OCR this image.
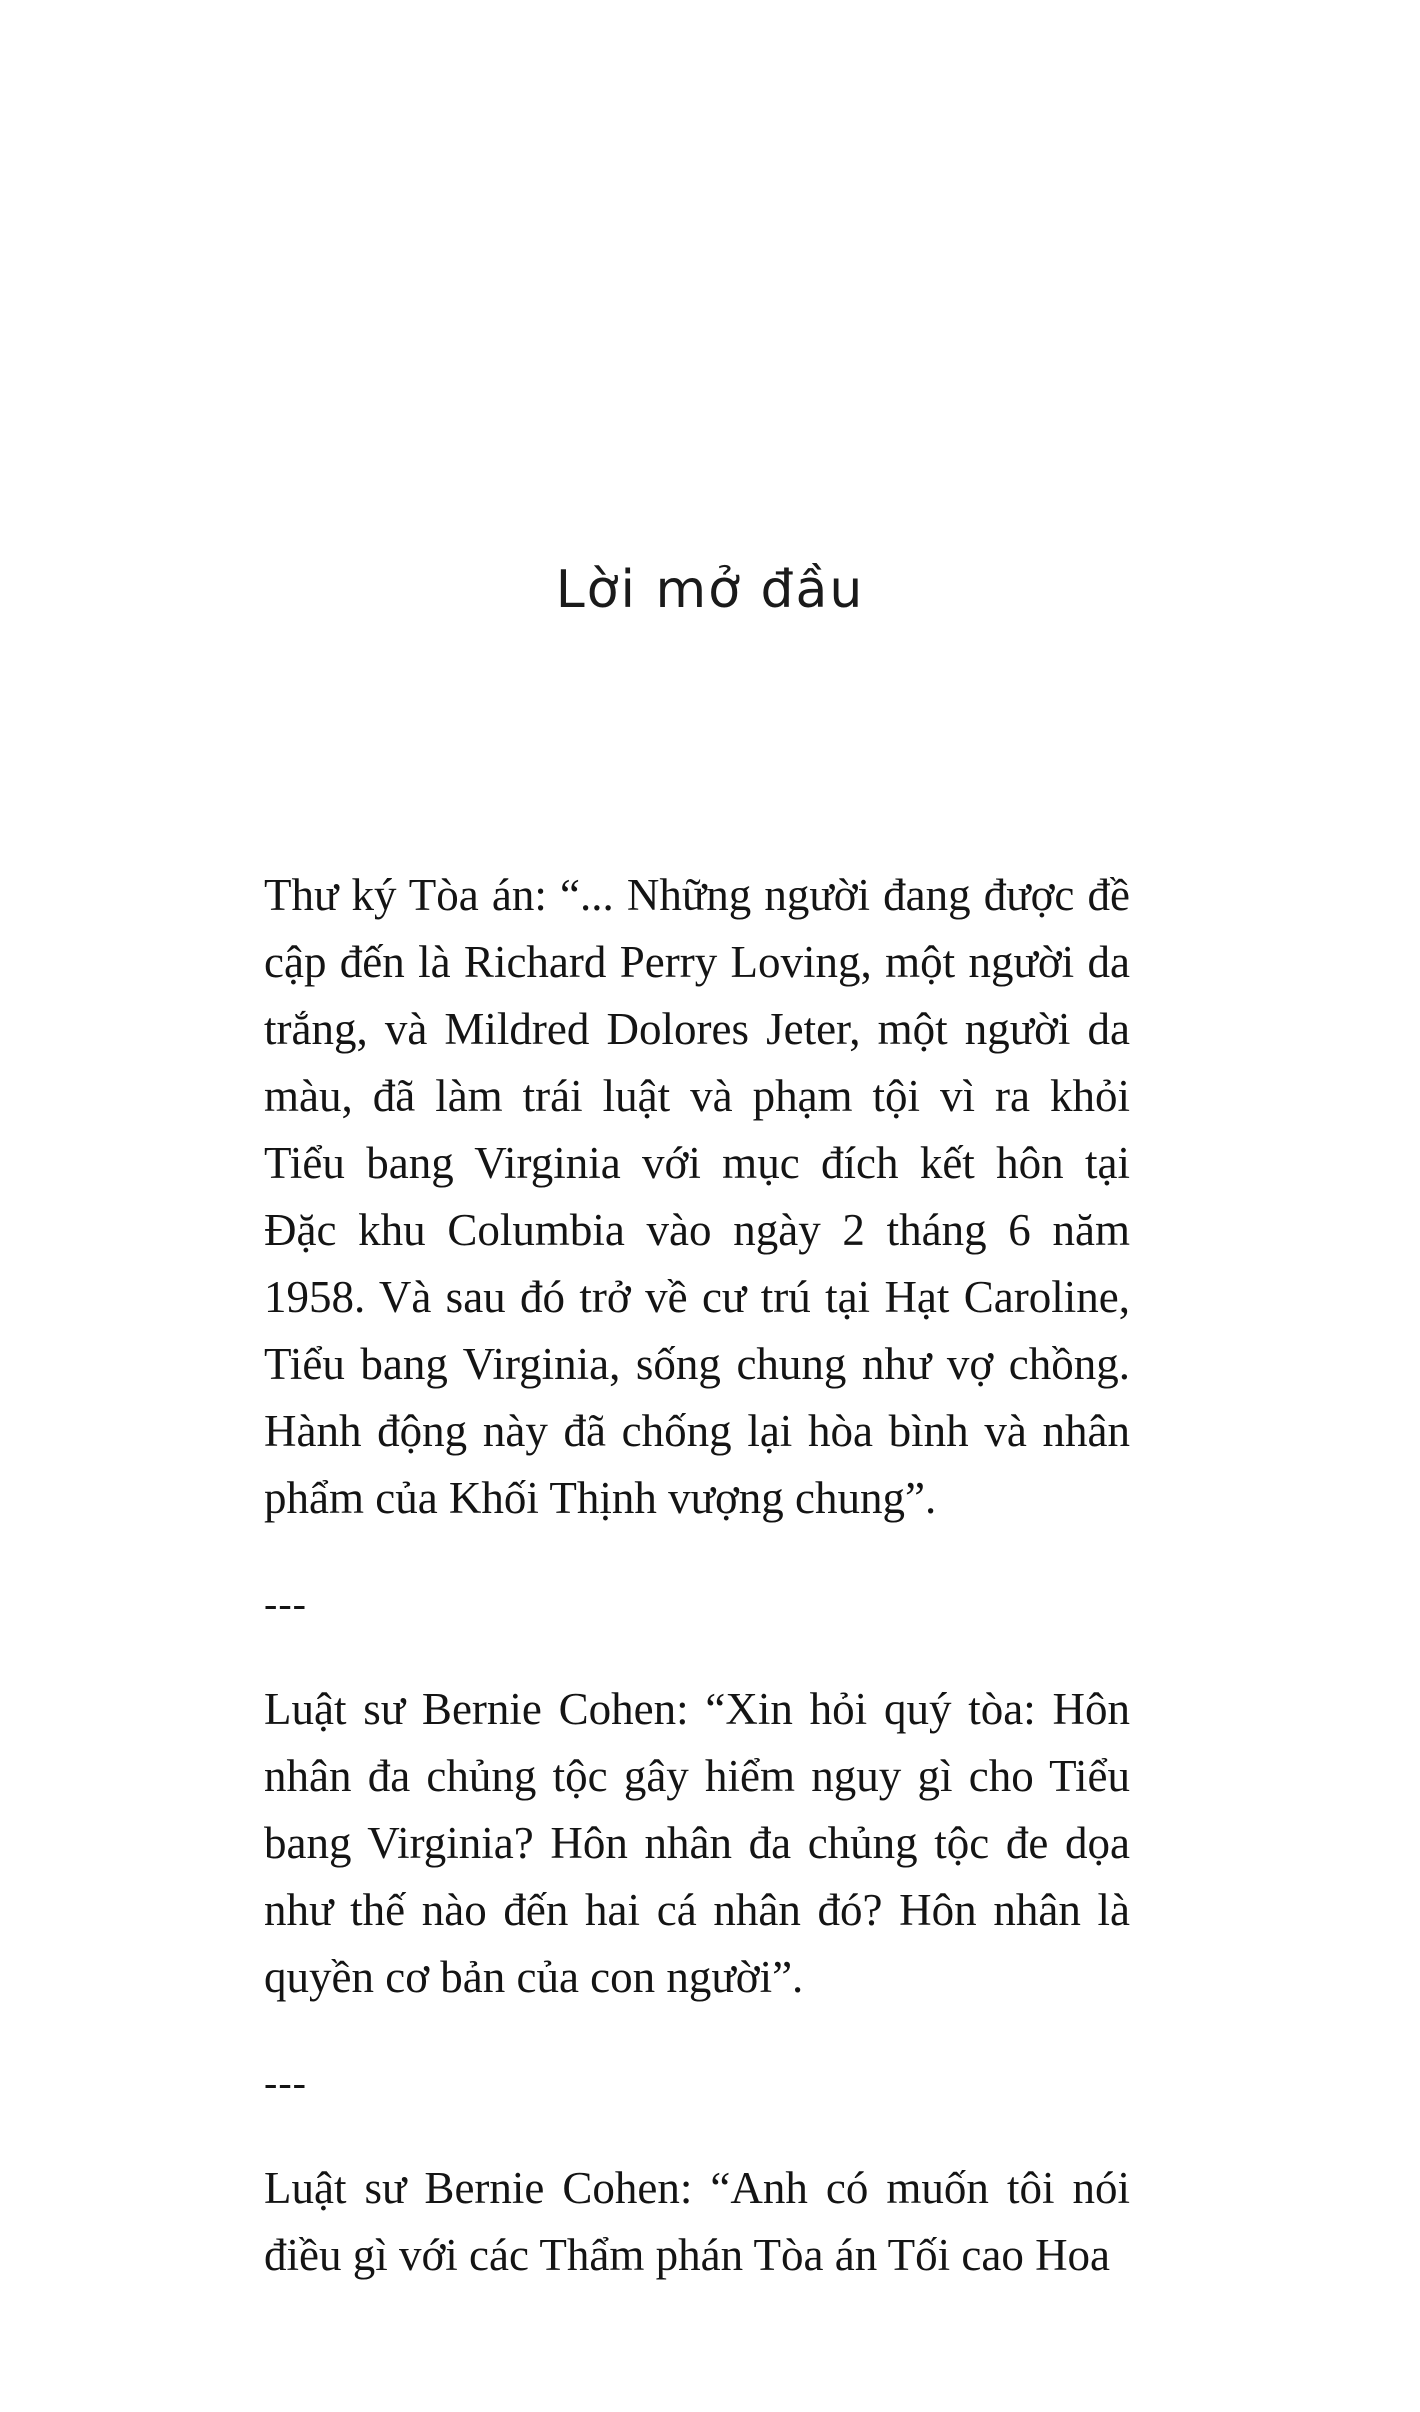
Lời mở đầu

Thư ký Tòa án: “... Những người đang được đề cập đến là Richard Perry Loving, một người da trắng, và Mildred Dolores Jeter, một người da màu, đã làm trái luật và phạm tội vì ra khỏi Tiểu bang Virginia với mục đích kết hôn tại Đặc khu Columbia vào ngày 2 tháng 6 năm 1958. Và sau đó trở về cư trú tại Hạt Caroline, Tiểu bang Virginia, sống chung như vợ chồng. Hành động này đã chống lại hòa bình và nhân phẩm của Khối Thịnh vượng chung”.

---

Luật sư Bernie Cohen: “Xin hỏi quý tòa: Hôn nhân đa chủng tộc gây hiểm nguy gì cho Tiểu bang Virginia? Hôn nhân đa chủng tộc đe dọa như thế nào đến hai cá nhân đó? Hôn nhân là quyền cơ bản của con người”.

---

Luật sư Bernie Cohen: “Anh có muốn tôi nói điều gì với các Thẩm phán Tòa án Tối cao Hoa
